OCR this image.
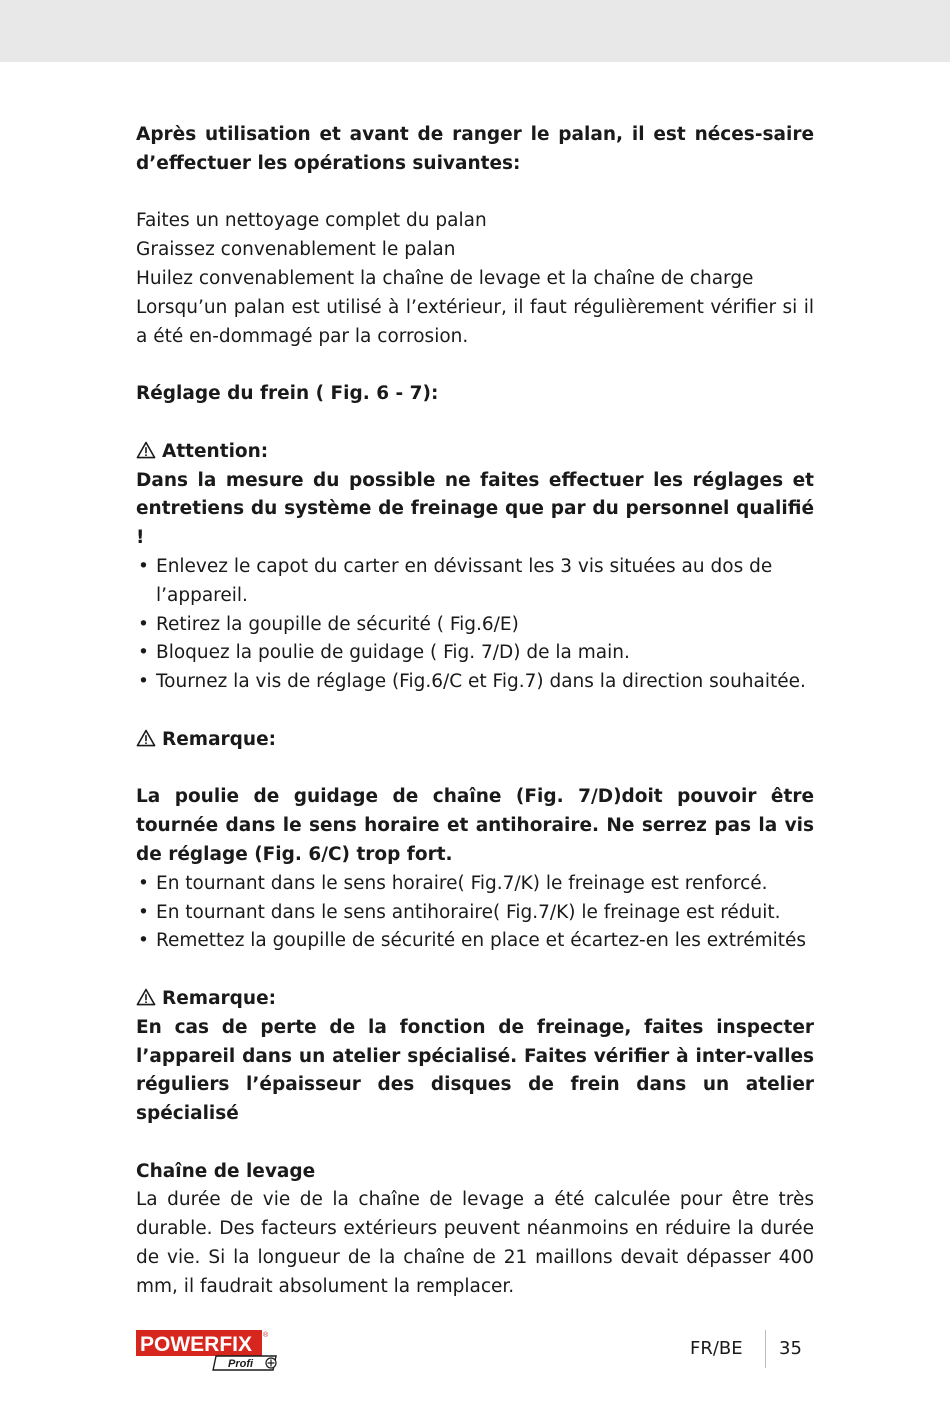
Après utilisation et avant de ranger le palan, il est néces-saire d’effectuer les opérations suivantes:

Faites un nettoyage complet du palan

Graissez convenablement le palan

Huilez convenablement la chaîne de levage et la chaîne de charge

Lorsqu’un palan est utilisé à l’extérieur, il faut régulièrement vérifier si il a été en-dommagé par la corrosion.

Réglage du frein ( Fig. 6 - 7):

Attention:

Dans la mesure du possible ne faites effectuer les réglages et entretiens du système de freinage que par du personnel qualifié !

• Enlevez le capot du carter en dévissant les 3 vis situées au dos de l’appareil.

• Retirez la goupille de sécurité ( Fig.6/E)

• Bloquez la poulie de guidage ( Fig. 7/D) de la main.

• Tournez la vis de réglage (Fig.6/C et Fig.7) dans la direction souhaitée.

Remarque:

La poulie de guidage de chaîne (Fig. 7/D)doit pouvoir être tournée dans le sens horaire et antihoraire. Ne serrez pas la vis de réglage (Fig. 6/C) trop fort.

• En tournant dans le sens horaire( Fig.7/K) le freinage est renforcé.

• En tournant dans le sens antihoraire( Fig.7/K) le freinage est réduit.

• Remettez la goupille de sécurité en place et écartez-en les extrémités

Remarque:

En cas de perte de la fonction de freinage, faites inspecter l’appareil dans un atelier spécialisé. Faites vérifier à inter-valles réguliers l’épaisseur des disques de frein dans un atelier spécialisé

Chaîne de levage

La durée de vie de la chaîne de levage a été calculée pour être très durable. Des facteurs extérieurs peuvent néanmoins en réduire la durée de vie. Si la longueur de la chaîne de 21 maillons devait dépasser 400 mm, il faudrait absolument la remplacer.

POWERFIX ®
Profi
FR/BE 35
